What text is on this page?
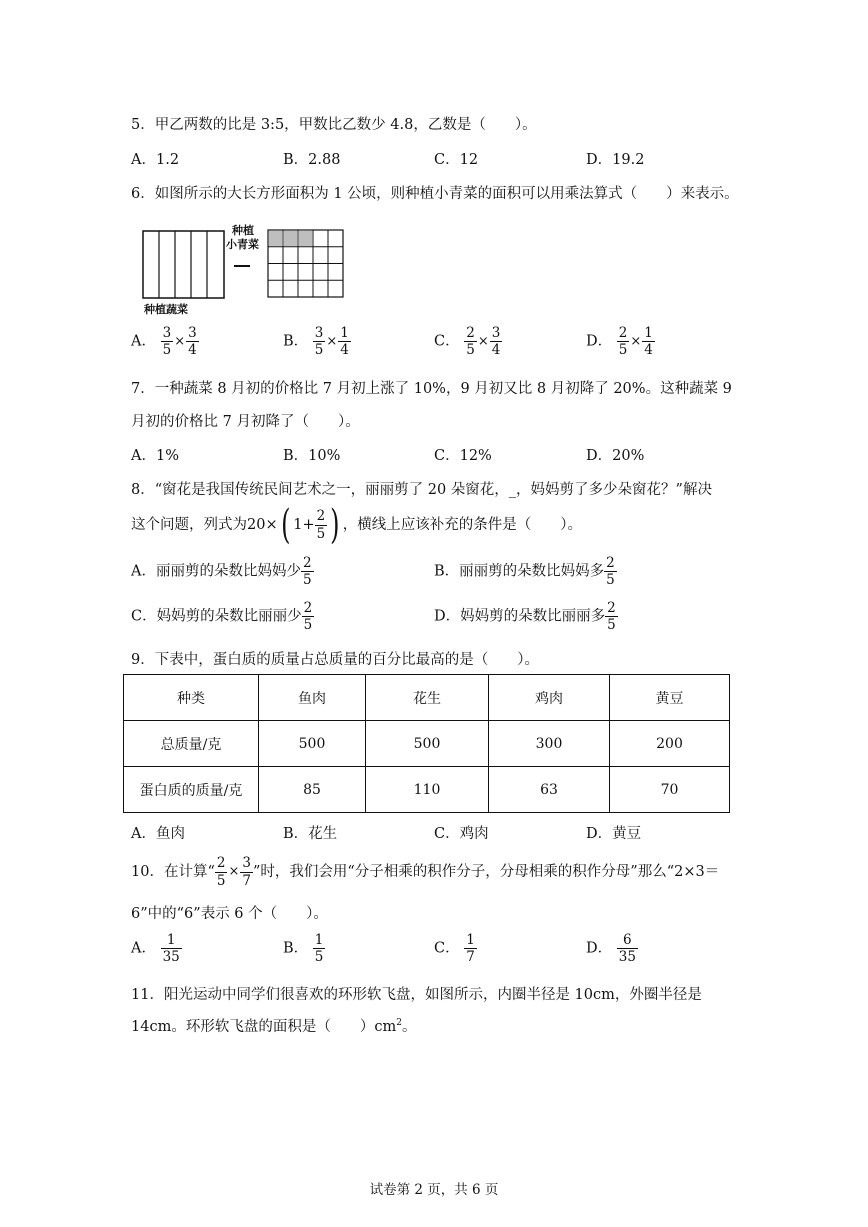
5．甲乙两数的比是 3:5，甲数比乙数少 4.8，乙数是（　　）。
A．1.2	B．2.88	C．12	D．19.2
6．如图所示的大长方形面积为 1 公顷，则种植小青菜的面积可以用乘法算式（　　）来表示。
种植
小青菜
种植蔬菜
A． $\frac{3}{5} \times \frac{3}{4}$	B． $\frac{3}{5} \times \frac{1}{4}$	C． $\frac{2}{5} \times \frac{3}{4}$	D． $\frac{2}{5} \times \frac{1}{4}$
7．一种蔬菜 8 月初的价格比 7 月初上涨了 10%，9 月初又比 8 月初降了 20%。这种蔬菜 9
月初的价格比 7 月初降了（　　）。
A．1%	B．10%	C．12%	D．20%
8．“窗花是我国传统民间艺术之一，丽丽剪了 20 朵窗花，_，妈妈剪了多少朵窗花？”解决
这个问题，列式为20×( $1+ \frac{2}{5}$ ) ，横线上应该补充的条件是（　　）。
A．丽丽剪的朵数比妈妈少 $\frac{2}{5}$	B．丽丽剪的朵数比妈妈多 $\frac{2}{5}$
C．妈妈剪的朵数比丽丽少 $\frac{2}{5}$	D．妈妈剪的朵数比丽丽多 $\frac{2}{5}$
9．下表中，蛋白质的质量占总质量的百分比最高的是（　　）。
种类	鱼肉	花生	鸡肉	黄豆
总质量/克	500	500	300	200
蛋白质的质量/克	85	110	63	70
A．鱼肉	B．花生	C．鸡肉	D．黄豆
10．在计算“ $\frac{2}{5} \times \frac{3}{7}$ ”时，我们会用“分子相乘的积作分子，分母相乘的积作分母”那么“2×3＝
6”中的“6”表示 6 个（　　）。
A． $\frac{1}{35}$	B． $\frac{1}{5}$	C． $\frac{1}{7}$	D． $\frac{6}{35}$
11．阳光运动中同学们很喜欢的环形软飞盘，如图所示，内圈半径是 10cm，外圈半径是
14cm。环形软飞盘的面积是（　　）$cm^2$。
试卷第 2 页，共 6 页
